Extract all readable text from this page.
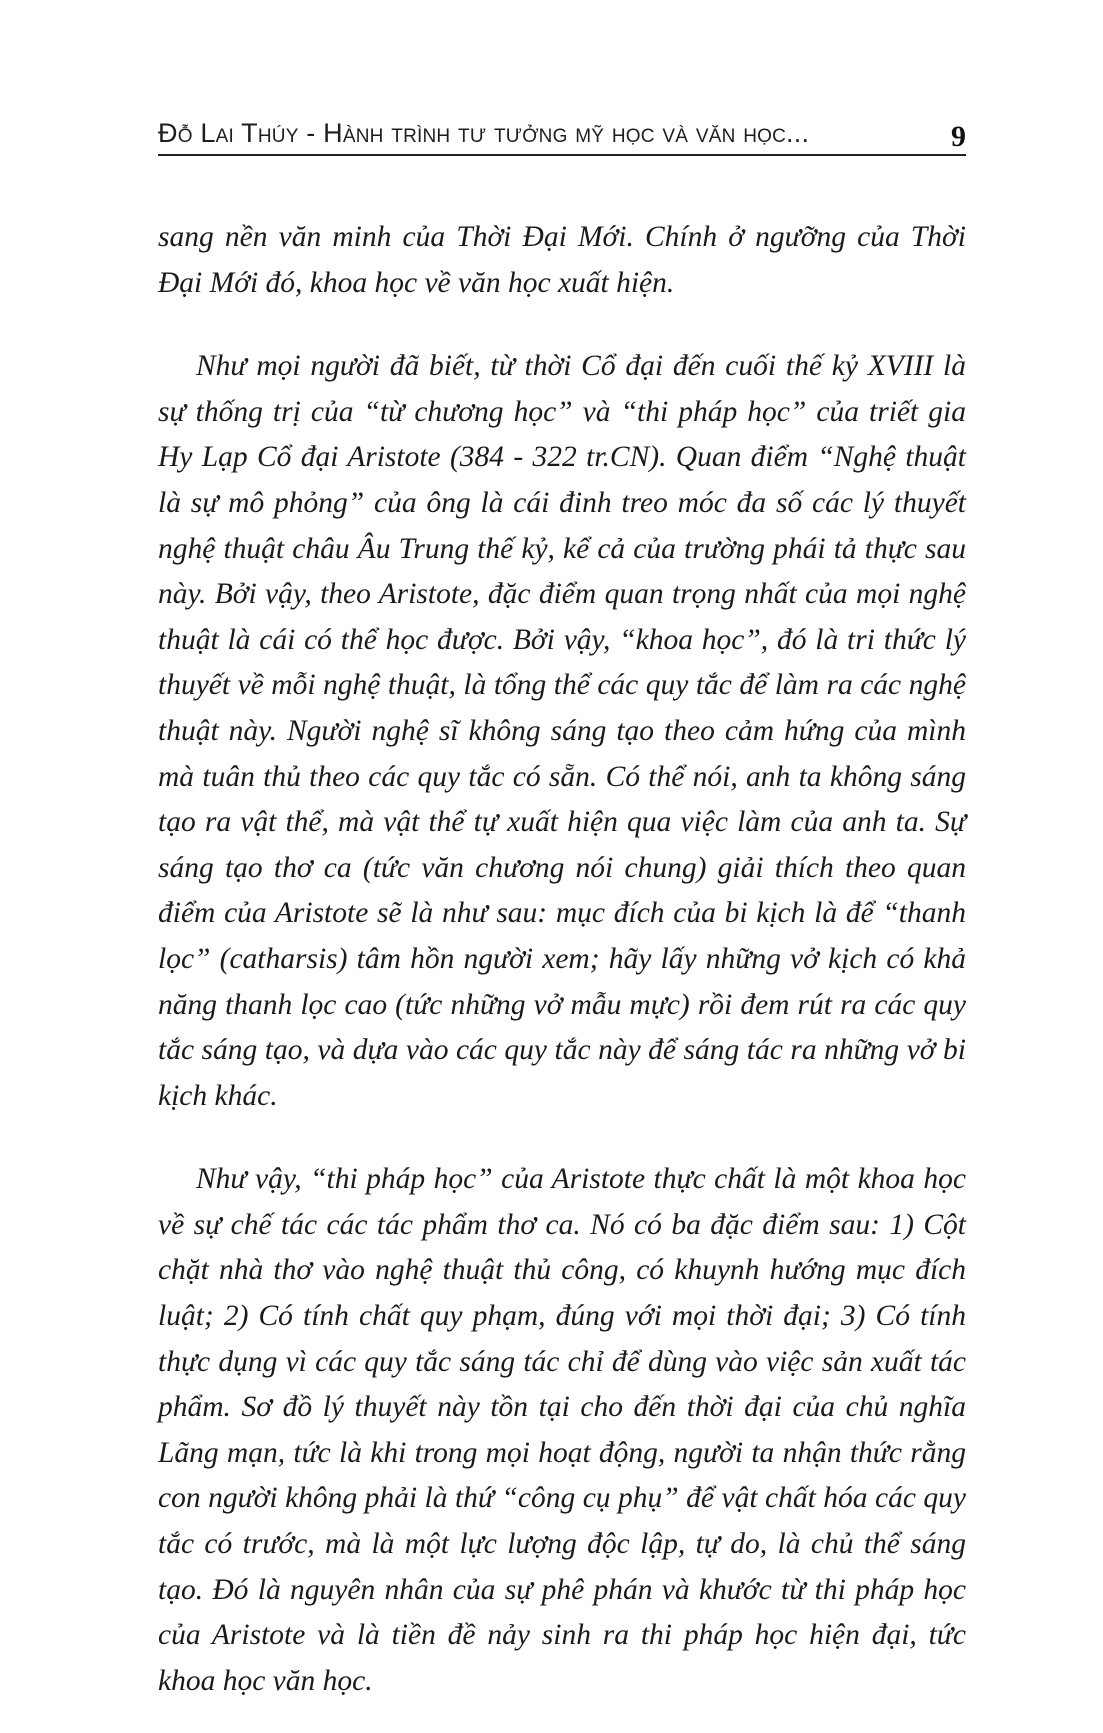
Đỗ Lai Thúy - Hành trình tư tưởng mỹ học và văn học...	9

sang nền văn minh của Thời Đại Mới. Chính ở ngưỡng của Thời Đại Mới đó, khoa học về văn học xuất hiện.

Như mọi người đã biết, từ thời Cổ đại đến cuối thế kỷ XVIII là sự thống trị của “từ chương học” và “thi pháp học” của triết gia Hy Lạp Cổ đại Aristote (384 - 322 tr.CN). Quan điểm “Nghệ thuật là sự mô phỏng” của ông là cái đinh treo móc đa số các lý thuyết nghệ thuật châu Âu Trung thế kỷ, kể cả của trường phái tả thực sau này. Bởi vậy, theo Aristote, đặc điểm quan trọng nhất của mọi nghệ thuật là cái có thể học được. Bởi vậy, “khoa học”, đó là tri thức lý thuyết về mỗi nghệ thuật, là tổng thể các quy tắc để làm ra các nghệ thuật này. Người nghệ sĩ không sáng tạo theo cảm hứng của mình mà tuân thủ theo các quy tắc có sẵn. Có thể nói, anh ta không sáng tạo ra vật thể, mà vật thể tự xuất hiện qua việc làm của anh ta. Sự sáng tạo thơ ca (tức văn chương nói chung) giải thích theo quan điểm của Aristote sẽ là như sau: mục đích của bi kịch là để “thanh lọc” (catharsis) tâm hồn người xem; hãy lấy những vở kịch có khả năng thanh lọc cao (tức những vở mẫu mực) rồi đem rút ra các quy tắc sáng tạo, và dựa vào các quy tắc này để sáng tác ra những vở bi kịch khác.

Như vậy, “thi pháp học” của Aristote thực chất là một khoa học về sự chế tác các tác phẩm thơ ca. Nó có ba đặc điểm sau: 1) Cột chặt nhà thơ vào nghệ thuật thủ công, có khuynh hướng mục đích luật; 2) Có tính chất quy phạm, đúng với mọi thời đại; 3) Có tính thực dụng vì các quy tắc sáng tác chỉ để dùng vào việc sản xuất tác phẩm. Sơ đồ lý thuyết này tồn tại cho đến thời đại của chủ nghĩa Lãng mạn, tức là khi trong mọi hoạt động, người ta nhận thức rằng con người không phải là thứ “công cụ phụ” để vật chất hóa các quy tắc có trước, mà là một lực lượng độc lập, tự do, là chủ thể sáng tạo. Đó là nguyên nhân của sự phê phán và khước từ thi pháp học của Aristote và là tiền đề nảy sinh ra thi pháp học hiện đại, tức khoa học văn học.
